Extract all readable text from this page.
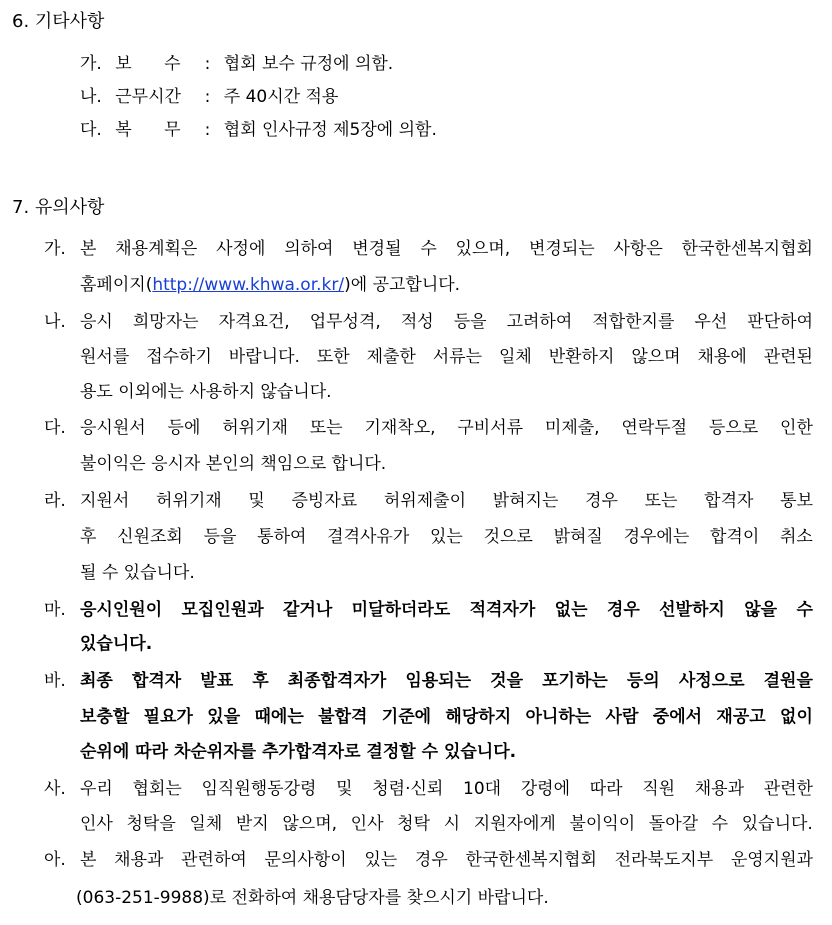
6. 기타사항
가. 보      수 : 협회 보수 규정에 의함.
나. 근무시간 : 주 40시간 적용
다. 복      무 : 협회 인사규정 제5장에 의함.
7. 유의사항
가. 본 채용계획은 사정에 의하여 변경될 수 있으며, 변경되는 사항은 한국한센복지협회
홈페이지(http://www.khwa.or.kr/)에 공고합니다.
나. 응시 희망자는 자격요건, 업무성격, 적성 등을 고려하여 적합한지를 우선 판단하여
원서를 접수하기 바랍니다. 또한 제출한 서류는 일체 반환하지 않으며 채용에 관련된
용도 이외에는 사용하지 않습니다.
다. 응시원서 등에 허위기재 또는 기재착오, 구비서류 미제출, 연락두절 등으로 인한
불이익은 응시자 본인의 책임으로 합니다.
라. 지원서 허위기재 및 증빙자료 허위제출이 밝혀지는 경우 또는 합격자 통보
후 신원조회 등을 통하여 결격사유가 있는 것으로 밝혀질 경우에는 합격이 취소
될 수 있습니다.
마. 응시인원이 모집인원과 같거나 미달하더라도 적격자가 없는 경우 선발하지 않을 수
있습니다.
바. 최종 합격자 발표 후 최종합격자가 임용되는 것을 포기하는 등의 사정으로 결원을
보충할 필요가 있을 때에는 불합격 기준에 해당하지 아니하는 사람 중에서 재공고 없이
순위에 따라 차순위자를 추가합격자로 결정할 수 있습니다.
사. 우리 협회는 임직원행동강령 및 청렴·신뢰 10대 강령에 따라 직원 채용과 관련한
인사 청탁을 일체 받지 않으며, 인사 청탁 시 지원자에게 불이익이 돌아갈 수 있습니다.
아. 본 채용과 관련하여 문의사항이 있는 경우 한국한센복지협회 전라북도지부 운영지원과
(063-251-9988)로 전화하여 채용담당자를 찾으시기 바랍니다.
